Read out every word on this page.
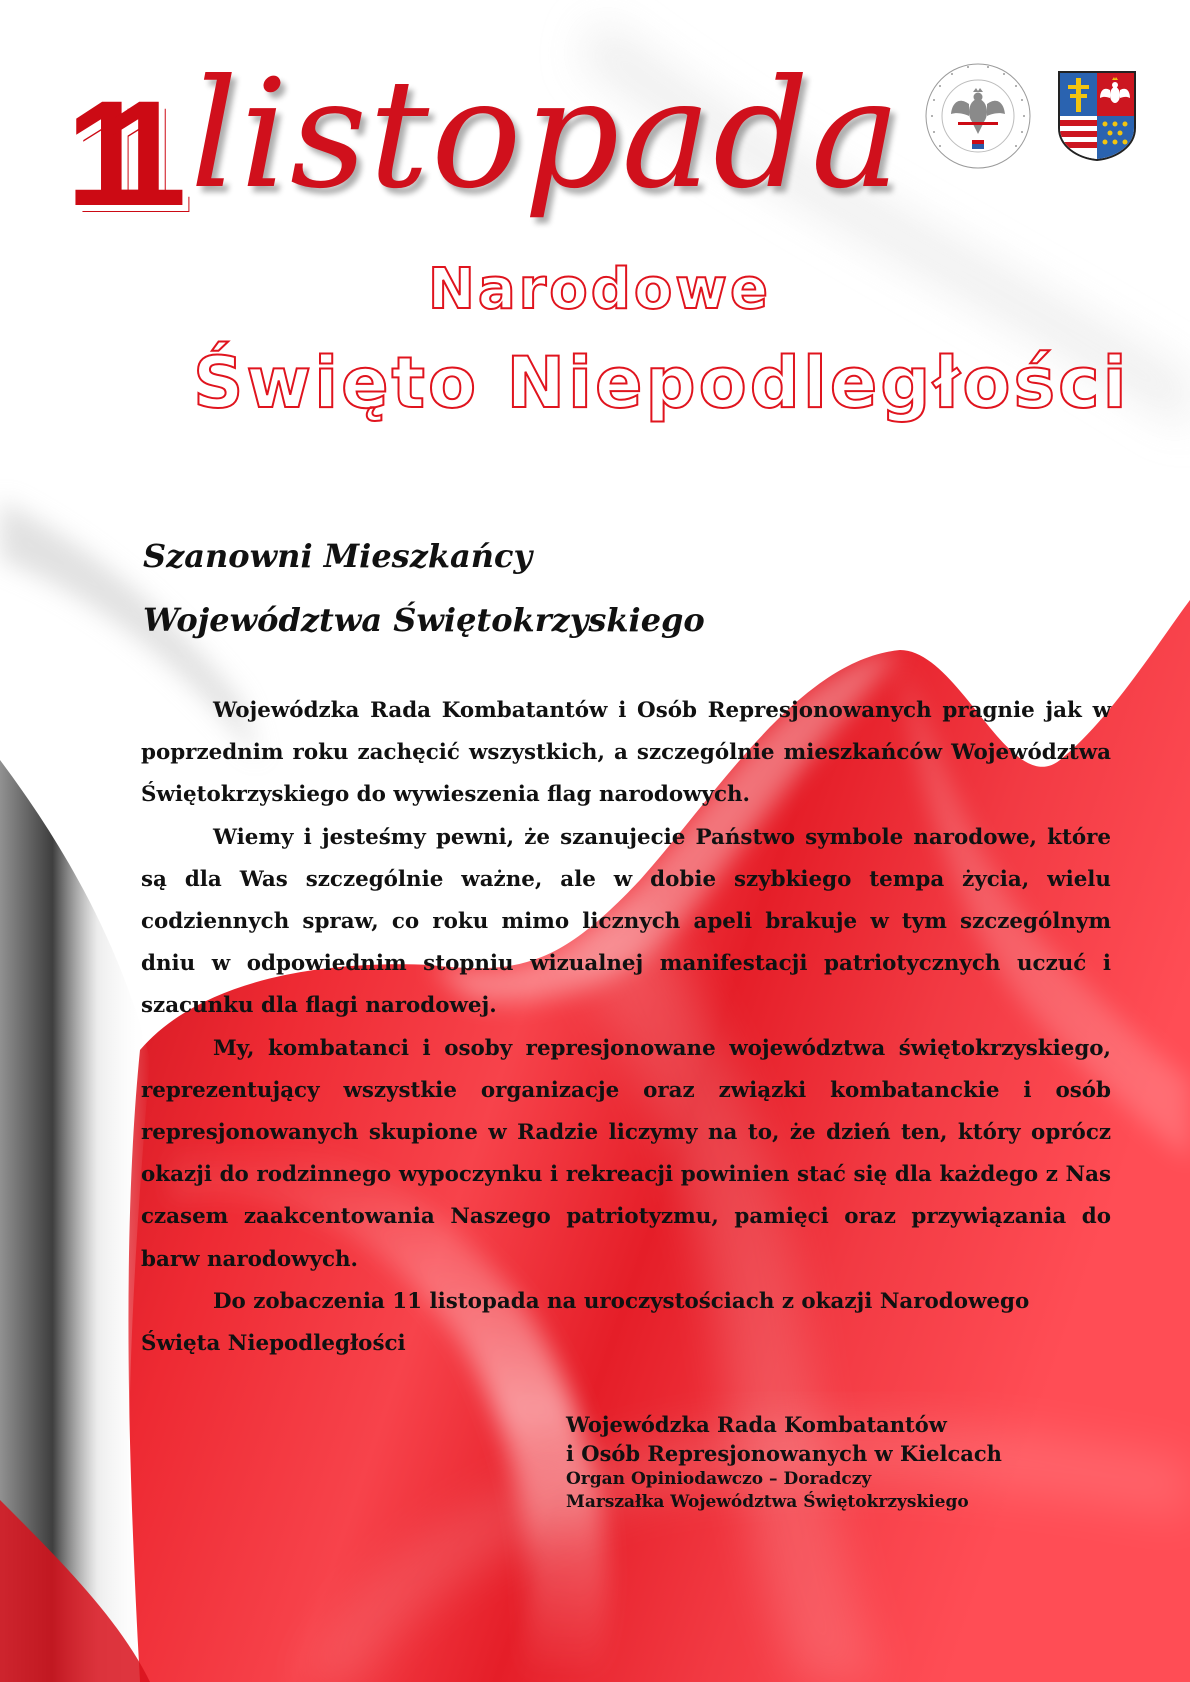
11 listopada
Narodowe
Święto Niepodległości
Szanowni Mieszkańcy
Województwa Świętokrzyskiego

Wojewódzka Rada Kombatantów i Osób Represjonowanych pragnie jak w poprzednim roku zachęcić wszystkich, a szczególnie mieszkańców Województwa Świętokrzyskiego do wywieszenia flag narodowych.

Wiemy i jesteśmy pewni, że szanujecie Państwo symbole narodowe, które są dla Was szczególnie ważne, ale w dobie szybkiego tempa życia, wielu codziennych spraw, co roku mimo licznych apeli brakuje w tym szczególnym dniu w odpowiednim stopniu wizualnej manifestacji patriotycznych uczuć i szacunku dla flagi narodowej.

My, kombatanci i osoby represjonowane województwa świętokrzyskiego, reprezentujący wszystkie organizacje oraz związki kombatanckie i osób represjonowanych skupione w Radzie liczymy na to, że dzień ten, który oprócz okazji do rodzinnego wypoczynku i rekreacji powinien stać się dla każdego z Nas czasem zaakcentowania Naszego patriotyzmu, pamięci oraz przywiązania do barw narodowych.

Do zobaczenia 11 listopada na uroczystościach z okazji Narodowego Święta Niepodległości

Wojewódzka Rada Kombatantów
i Osób Represjonowanych w Kielcach
Organ Opiniodawczo – Doradczy
Marszałka Województwa Świętokrzyskiego
